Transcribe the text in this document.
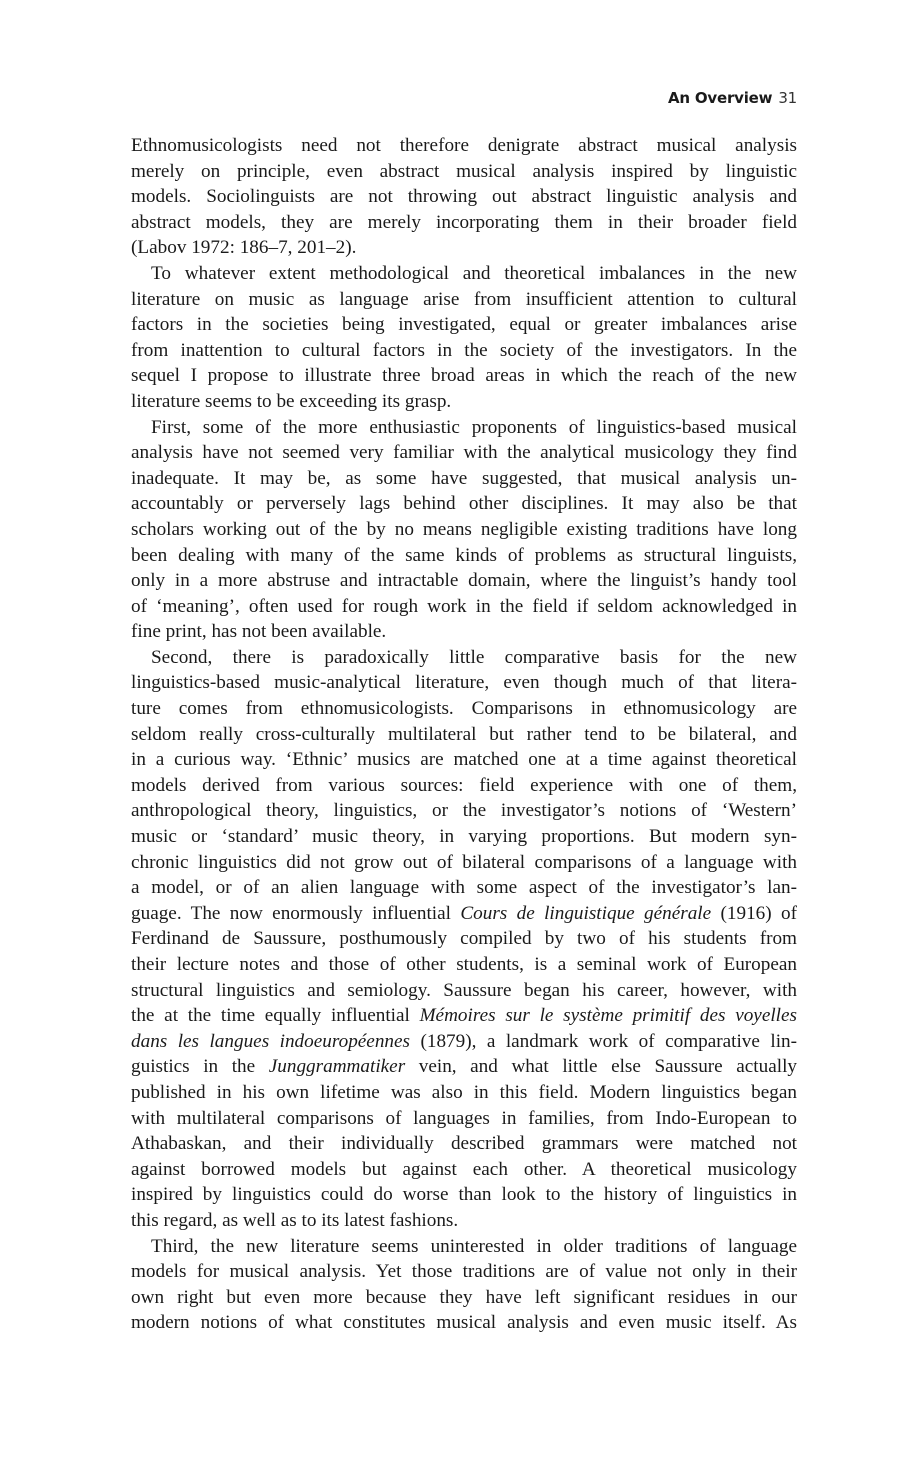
An Overview 31
Ethnomusicologists need not therefore denigrate abstract musical analysis
merely on principle, even abstract musical analysis inspired by linguistic
models. Sociolinguists are not throwing out abstract linguistic analysis and
abstract models, they are merely incorporating them in their broader field
(Labov 1972: 186–7, 201–2).
To whatever extent methodological and theoretical imbalances in the new
literature on music as language arise from insufficient attention to cultural
factors in the societies being investigated, equal or greater imbalances arise
from inattention to cultural factors in the society of the investigators. In the
sequel I propose to illustrate three broad areas in which the reach of the new
literature seems to be exceeding its grasp.
First, some of the more enthusiastic proponents of linguistics-based musical
analysis have not seemed very familiar with the analytical musicology they find
inadequate. It may be, as some have suggested, that musical analysis un-
accountably or perversely lags behind other disciplines. It may also be that
scholars working out of the by no means negligible existing traditions have long
been dealing with many of the same kinds of problems as structural linguists,
only in a more abstruse and intractable domain, where the linguist’s handy tool
of ‘meaning’, often used for rough work in the field if seldom acknowledged in
fine print, has not been available.
Second, there is paradoxically little comparative basis for the new
linguistics-based music-analytical literature, even though much of that litera-
ture comes from ethnomusicologists. Comparisons in ethnomusicology are
seldom really cross-culturally multilateral but rather tend to be bilateral, and
in a curious way. ‘Ethnic’ musics are matched one at a time against theoretical
models derived from various sources: field experience with one of them,
anthropological theory, linguistics, or the investigator’s notions of ‘Western’
music or ‘standard’ music theory, in varying proportions. But modern syn-
chronic linguistics did not grow out of bilateral comparisons of a language with
a model, or of an alien language with some aspect of the investigator’s lan-
guage. The now enormously influential Cours de linguistique générale (1916) of
Ferdinand de Saussure, posthumously compiled by two of his students from
their lecture notes and those of other students, is a seminal work of European
structural linguistics and semiology. Saussure began his career, however, with
the at the time equally influential Mémoires sur le système primitif des voyelles
dans les langues indoeuropéennes (1879), a landmark work of comparative lin-
guistics in the Junggrammatiker vein, and what little else Saussure actually
published in his own lifetime was also in this field. Modern linguistics began
with multilateral comparisons of languages in families, from Indo-European to
Athabaskan, and their individually described grammars were matched not
against borrowed models but against each other. A theoretical musicology
inspired by linguistics could do worse than look to the history of linguistics in
this regard, as well as to its latest fashions.
Third, the new literature seems uninterested in older traditions of language
models for musical analysis. Yet those traditions are of value not only in their
own right but even more because they have left significant residues in our
modern notions of what constitutes musical analysis and even music itself. As
